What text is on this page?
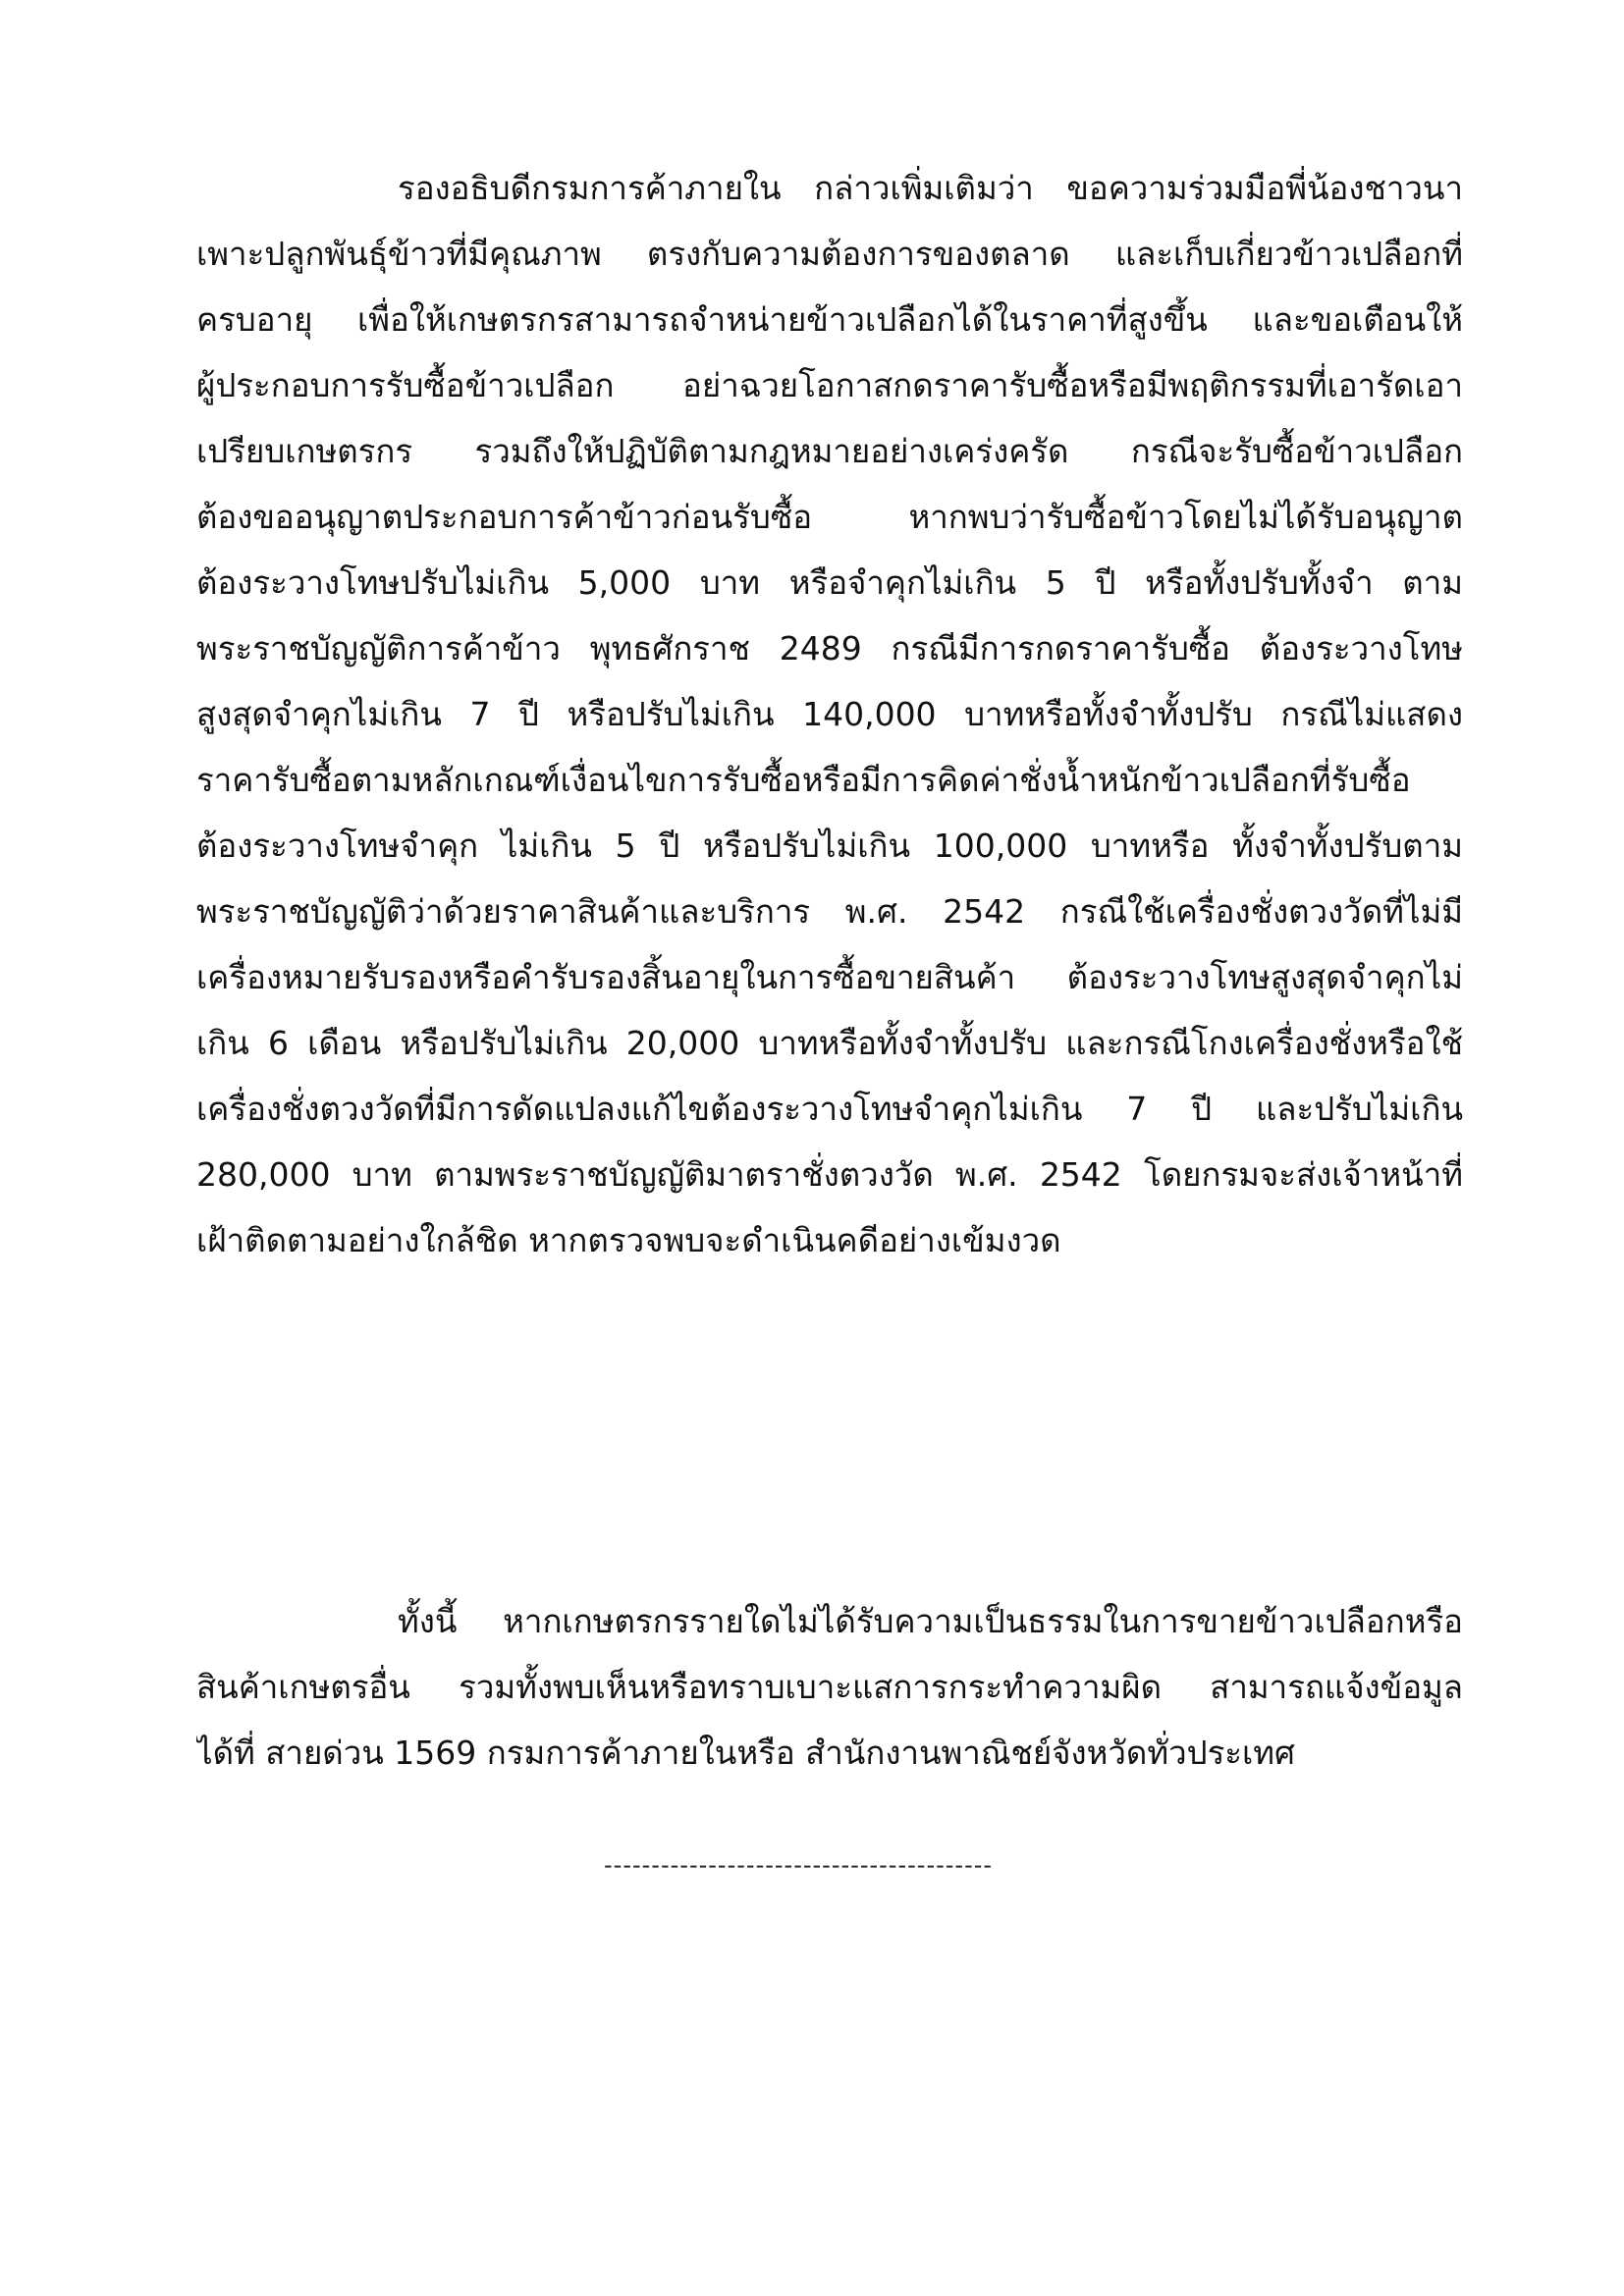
รองอธิบดีกรมการค้าภายใน กล่าวเพิ่มเติมว่า ขอความร่วมมือพี่น้องชาวนา
เพาะปลูกพันธุ์ข้าวที่มีคุณภาพ ตรงกับความต้องการของตลาด และเก็บเกี่ยวข้าวเปลือกที่
ครบอายุ เพื่อให้เกษตรกรสามารถจำหน่ายข้าวเปลือกได้ในราคาที่สูงขึ้น และขอเตือนให้
ผู้ประกอบการรับซื้อข้าวเปลือก อย่าฉวยโอกาสกดราคารับซื้อหรือมีพฤติกรรมที่เอารัดเอา
เปรียบเกษตรกร รวมถึงให้ปฏิบัติตามกฎหมายอย่างเคร่งครัด กรณีจะรับซื้อข้าวเปลือก
ต้องขออนุญาตประกอบการค้าข้าวก่อนรับซื้อ หากพบว่ารับซื้อข้าวโดยไม่ได้รับอนุญาต
ต้องระวางโทษปรับไม่เกิน 5,000 บาท หรือจำคุกไม่เกิน 5 ปี หรือทั้งปรับทั้งจำ ตาม
พระราชบัญญัติการค้าข้าว พุทธศักราช 2489 กรณีมีการกดราคารับซื้อ ต้องระวางโทษ
สูงสุดจำคุกไม่เกิน 7 ปี หรือปรับไม่เกิน 140,000 บาทหรือทั้งจำทั้งปรับ กรณีไม่แสดง
ราคารับซื้อตามหลักเกณฑ์เงื่อนไขการรับซื้อหรือมีการคิดค่าชั่งน้ำหนักข้าวเปลือกที่รับซื้อ
ต้องระวางโทษจำคุก ไม่เกิน 5 ปี หรือปรับไม่เกิน 100,000 บาทหรือ ทั้งจำทั้งปรับตาม
พระราชบัญญัติว่าด้วยราคาสินค้าและบริการ พ.ศ. 2542 กรณีใช้เครื่องชั่งตวงวัดที่ไม่มี
เครื่องหมายรับรองหรือคำรับรองสิ้นอายุในการซื้อขายสินค้า ต้องระวางโทษสูงสุดจำคุกไม่
เกิน 6 เดือน หรือปรับไม่เกิน 20,000 บาทหรือทั้งจำทั้งปรับ และกรณีโกงเครื่องชั่งหรือใช้
เครื่องชั่งตวงวัดที่มีการดัดแปลงแก้ไขต้องระวางโทษจำคุกไม่เกิน 7 ปี และปรับไม่เกิน
280,000 บาท ตามพระราชบัญญัติมาตราชั่งตวงวัด พ.ศ. 2542 โดยกรมจะส่งเจ้าหน้าที่
เฝ้าติดตามอย่างใกล้ชิด หากตรวจพบจะดำเนินคดีอย่างเข้มงวด
ทั้งนี้ หากเกษตรกรรายใดไม่ได้รับความเป็นธรรมในการขายข้าวเปลือกหรือ
สินค้าเกษตรอื่น รวมทั้งพบเห็นหรือทราบเบาะแสการกระทำความผิด สามารถแจ้งข้อมูล
ได้ที่ สายด่วน 1569 กรมการค้าภายในหรือ สำนักงานพาณิชย์จังหวัดทั่วประเทศ
-----------------------------------------
